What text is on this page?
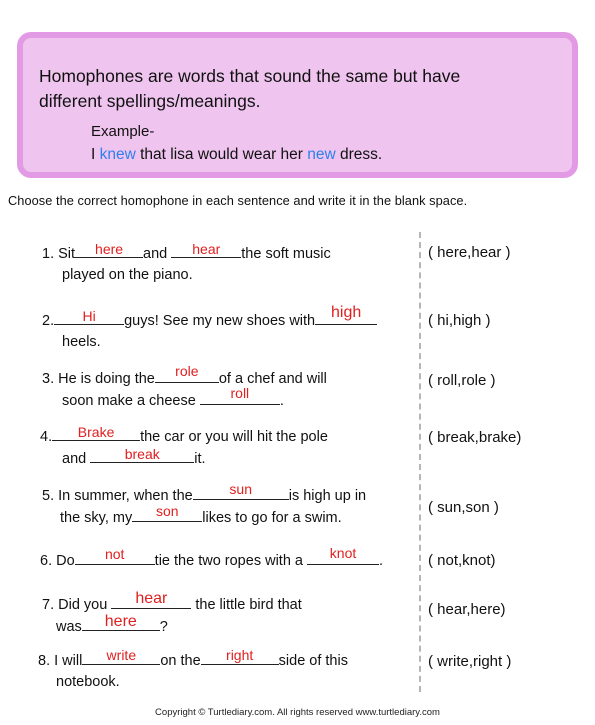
Homophones are words that sound the same but have
different spellings/meanings.
Example-
I knew that lisa would wear her new dress.
Choose the correct homophone in each sentence and write it in the blank space.
1. Sit	here	and	hear	the soft music
played on the piano.
( here,hear )
2.	Hi	guys! See my new shoes with high

heels.
( hi,high )
3. He is doing the	role	of a chef and will
soon make a cheese	roll	.
( roll,role )
4.	Brake	the car or you will hit the pole
and	break	it.
( break,brake)
5. In summer, when the	sun	is high up in
the sky, my	son	likes to go for a swim.
( sun,son )
6. Do	not	tie the two ropes with a	knot	.	( not,knot)
7. Did you	hear	the little bird that
was	here	?
( hear,here)
8. I will	write	on the	right	side of this
notebook.
( write,right )
Copyright © Turtlediary.com. All rights reserved www.turtlediary.com
